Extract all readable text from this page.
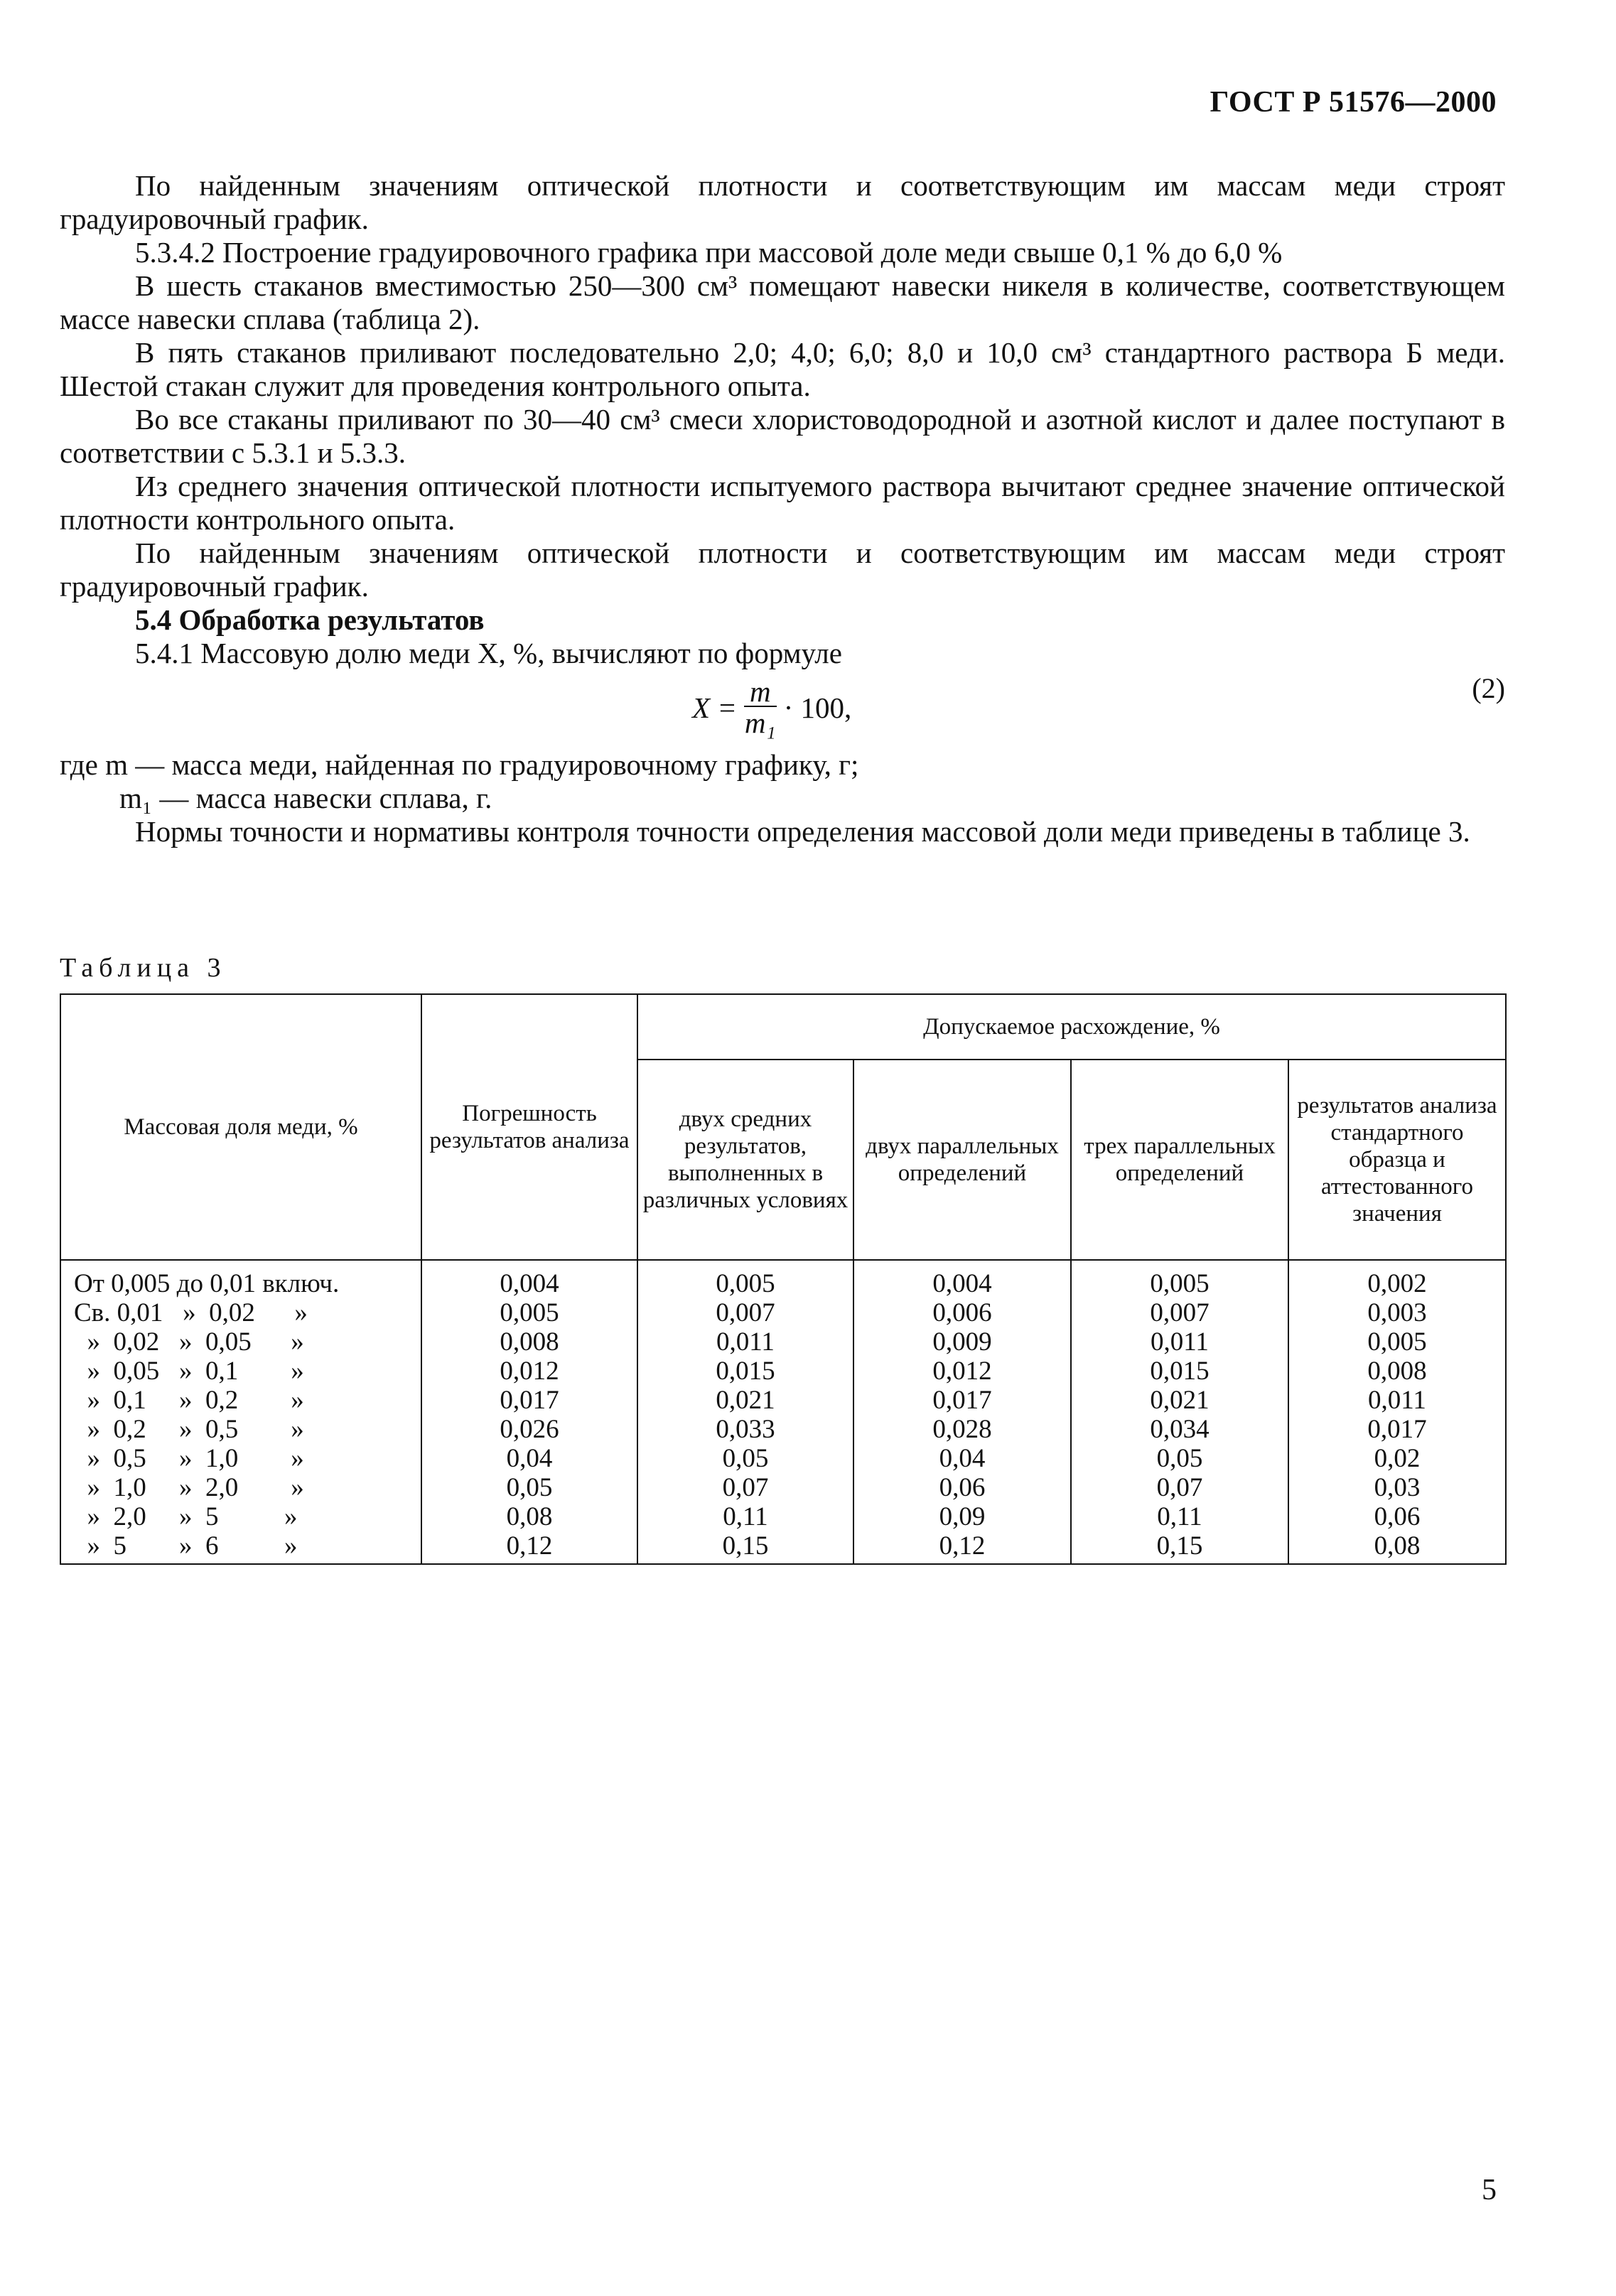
ГОСТ Р 51576—2000

По найденным значениям оптической плотности и соответствующим им массам меди строят градуировочный график.

5.3.4.2 Построение градуировочного графика при массовой доле меди свыше 0,1 % до 6,0 %

В шесть стаканов вместимостью 250—300 см³ помещают навески никеля в количестве, соответствующем массе навески сплава (таблица 2).

В пять стаканов приливают последовательно 2,0; 4,0; 6,0; 8,0 и 10,0 см³ стандартного раствора Б меди. Шестой стакан служит для проведения контрольного опыта.

Во все стаканы приливают по 30—40 см³ смеси хлористоводородной и азотной кислот и далее поступают в соответствии с 5.3.1 и 5.3.3.

Из среднего значения оптической плотности испытуемого раствора вычитают среднее значение оптической плотности контрольного опыта.

По найденным значениям оптической плотности и соответствующим им массам меди строят градуировочный график.

5.4 Обработка результатов

5.4.1 Массовую долю меди X, %, вычисляют по формуле

$X = \frac{m}{\text{m₁}} \cdot 100$,
(2)

где m — масса меди, найденная по градуировочному графику, г;

m₁ — масса навески сплава, г.

Нормы точности и нормативы контроля точности определения массовой доли меди приведены в таблице 3.

Таблица 3
Массовая доля меди, %	Погрешность результатов анализа	Допускаемое расхождение, %			
		двух средних результатов, выполненных в различных условиях	двух параллельных определений	трех параллельных определений	результатов анализа стандартного образца и аттестованного значения
От 0,005 до 0,01 включ.	0,004	0,005	0,004	0,005	0,002
Св. 0,01   »  0,02      »	0,005	0,007	0,006	0,007	0,003
»  0,02   »  0,05      »	0,008	0,011	0,009	0,011	0,005
»  0,05   »  0,1        »	0,012	0,015	0,012	0,015	0,008
»  0,1     »  0,2        »	0,017	0,021	0,017	0,021	0,011
»  0,2     »  0,5        »	0,026	0,033	0,028	0,034	0,017
»  0,5     »  1,0        »	0,04	0,05	0,04	0,05	0,02
»  1,0     »  2,0        »	0,05	0,07	0,06	0,07	0,03
»  2,0     »  5          »	0,08	0,11	0,09	0,11	0,06
»  5        »  6          »	0,12	0,15	0,12	0,15	0,08
5
